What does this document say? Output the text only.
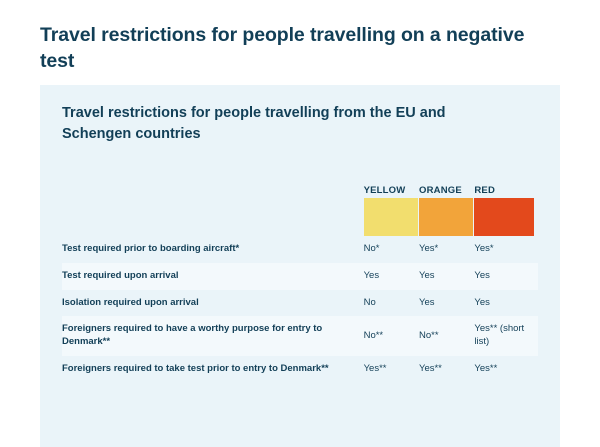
Travel restrictions for people travelling on a negative test
Travel restrictions for people travelling from the EU and Schengen countries
	YELLOW	ORANGE	RED

Test required prior to boarding aircraft*	No*	Yes*	Yes*
Test required upon arrival	Yes	Yes	Yes
Isolation required upon arrival	No	Yes	Yes
Foreigners required to have a worthy purpose for entry to Denmark**	No**	No**	Yes** (short list)
Foreigners required to take test prior to entry to Denmark**	Yes**	Yes**	Yes**
